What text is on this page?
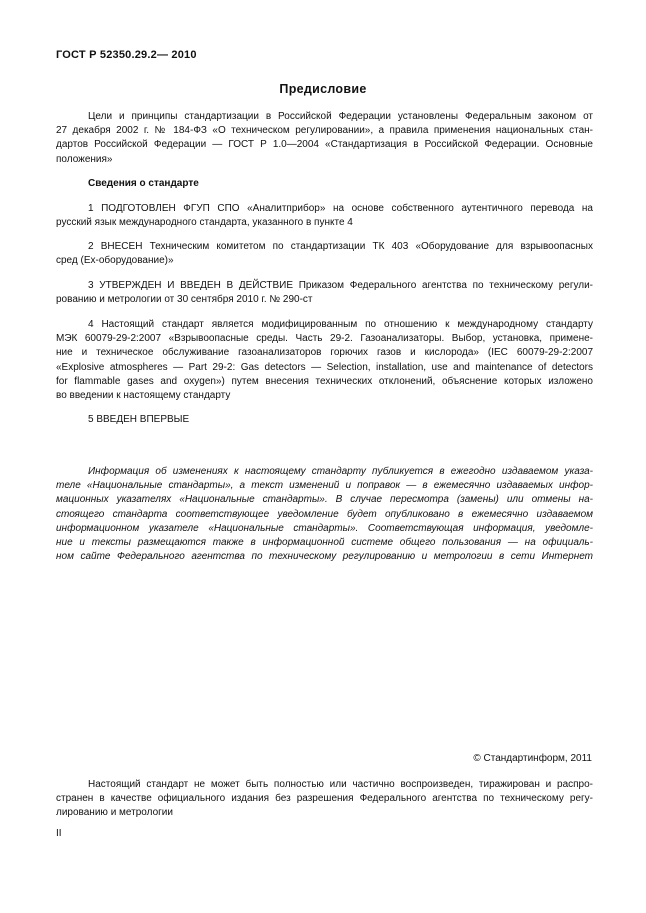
ГОСТ Р 52350.29.2— 2010
Предисловие
Цели и принципы стандартизации в Российской Федерации установлены Федеральным законом от
27 декабря 2002 г. № 184-ФЗ «О техническом регулировании», а правила применения национальных стан-
дартов Российской Федерации — ГОСТ Р 1.0—2004 «Стандартизация в Российской Федерации. Основные
положения»
Сведения о стандарте
1 ПОДГОТОВЛЕН ФГУП СПО «Аналитприбор» на основе собственного аутентичного перевода на
русский язык международного стандарта, указанного в пункте 4
2 ВНЕСЕН Техническим комитетом по стандартизации ТК 403 «Оборудование для взрывоопасных
сред (Ех-оборудование)»
3 УТВЕРЖДЕН И ВВЕДЕН В ДЕЙСТВИЕ Приказом Федерального агентства по техническому регули-
рованию и метрологии от 30 сентября 2010 г. № 290-ст
4 Настоящий стандарт является модифицированным по отношению к международному стандарту
МЭК 60079-29-2:2007 «Взрывоопасные среды. Часть 29-2. Газоанализаторы. Выбор, установка, примене-
ние и техническое обслуживание газоанализаторов горючих газов и кислорода» (IEC 60079-29-2:2007
«Explosive atmospheres — Part 29-2: Gas detectors — Selection, installation, use and maintenance of detectors
for flammable gases and oxygen») путем внесения технических отклонений, объяснение которых изложено
во введении к настоящему стандарту
5 ВВЕДЕН ВПЕРВЫЕ
Информация об изменениях к настоящему стандарту публикуется в ежегодно издаваемом указа-
теле «Национальные стандарты», а текст изменений и поправок — в ежемесячно издаваемых инфор-
мационных указателях «Национальные стандарты». В случае пересмотра (замены) или отмены на-
стоящего стандарта соответствующее уведомление будет опубликовано в ежемесячно издаваемом
информационном указателе «Национальные стандарты». Соответствующая информация, уведомле-
ние и тексты размещаются также в информационной системе общего пользования — на официаль-
ном сайте Федерального агентства по техническому регулированию и метрологии в сети Интернет
© Стандартинформ, 2011
Настоящий стандарт не может быть полностью или частично воспроизведен, тиражирован и распро-
странен в качестве официального издания без разрешения Федерального агентства по техническому регу-
лированию и метрологии
II
